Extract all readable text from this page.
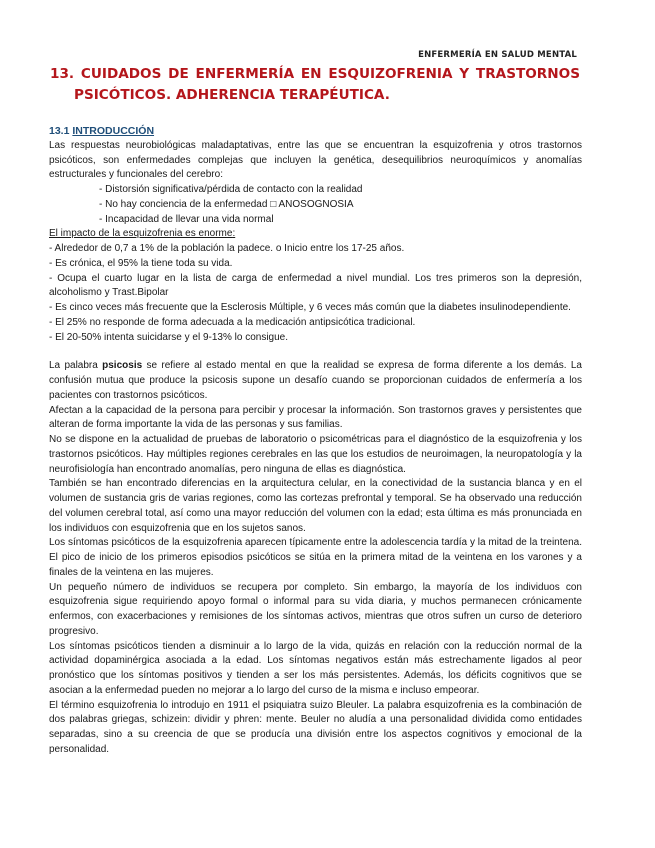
ENFERMERÍA EN SALUD MENTAL
13. CUIDADOS DE ENFERMERÍA EN ESQUIZOFRENIA Y TRASTORNOS
PSICÓTICOS. ADHERENCIA TERAPÉUTICA.
13.1 INTRODUCCIÓN

Las respuestas neurobiológicas maladaptativas, entre las que se encuentran la esquizofrenia y otros trastornos psicóticos, son enfermedades complejas que incluyen la genética, desequilibrios neuroquímicos y anomalías estructurales y funcionales del cerebro:

- Distorsión significativa/pérdida de contacto con la realidad
- No hay conciencia de la enfermedad □ ANOSOGNOSIA
- Incapacidad de llevar una vida normal
El impacto de la esquizofrenia es enorme:
- Alrededor de 0,7 a 1% de la población la padece. o Inicio entre los 17-25 años.
- Es crónica, el 95% la tiene toda su vida.
- Ocupa el cuarto lugar en la lista de carga de enfermedad a nivel mundial. Los tres primeros son la depresión, alcoholismo y Trast.Bipolar
- Es cinco veces más frecuente que la Esclerosis Múltiple, y 6 veces más común que la diabetes insulinodependiente.
- El 25% no responde de forma adecuada a la medicación antipsicótica tradicional.
- El 20-50% intenta suicidarse y el 9-13% lo consigue.

La palabra psicosis se refiere al estado mental en que la realidad se expresa de forma diferente a los demás. La confusión mutua que produce la psicosis supone un desafío cuando se proporcionan cuidados de enfermería a los pacientes con trastornos psicóticos.

Afectan a la capacidad de la persona para percibir y procesar la información. Son trastornos graves y persistentes que alteran de forma importante la vida de las personas y sus familias.

No se dispone en la actualidad de pruebas de laboratorio o psicométricas para el diagnóstico de la esquizofrenia y los trastornos psicóticos. Hay múltiples regiones cerebrales en las que los estudios de neuroimagen, la neuropatología y la neurofisiología han encontrado anomalías, pero ninguna de ellas es diagnóstica.

También se han encontrado diferencias en la arquitectura celular, en la conectividad de la sustancia blanca y en el volumen de sustancia gris de varias regiones, como las cortezas prefrontal y temporal. Se ha observado una reducción del volumen cerebral total, así como una mayor reducción del volumen con la edad; esta última es más pronunciada en los individuos con esquizofrenia que en los sujetos sanos.

Los síntomas psicóticos de la esquizofrenia aparecen típicamente entre la adolescencia tardía y la mitad de la treintena. El pico de inicio de los primeros episodios psicóticos se sitúa en la primera mitad de la veintena en los varones y a finales de la veintena en las mujeres.

Un pequeño número de individuos se recupera por completo. Sin embargo, la mayoría de los individuos con esquizofrenia sigue requiriendo apoyo formal o informal para su vida diaria, y muchos permanecen crónicamente enfermos, con exacerbaciones y remisiones de los síntomas activos, mientras que otros sufren un curso de deterioro progresivo.

Los síntomas psicóticos tienden a disminuir a lo largo de la vida, quizás en relación con la reducción normal de la actividad dopaminérgica asociada a la edad. Los síntomas negativos están más estrechamente ligados al peor pronóstico que los síntomas positivos y tienden a ser los más persistentes. Además, los déficits cognitivos que se asocian a la enfermedad pueden no mejorar a lo largo del curso de la misma e incluso empeorar.

El término esquizofrenia lo introdujo en 1911 el psiquiatra suizo Bleuler. La palabra esquizofrenia es la combinación de dos palabras griegas, schizein: dividir y phren: mente. Beuler no aludía a una personalidad dividida como entidades separadas, sino a su creencia de que se producía una división entre los aspectos cognitivos y emocional de la personalidad.
